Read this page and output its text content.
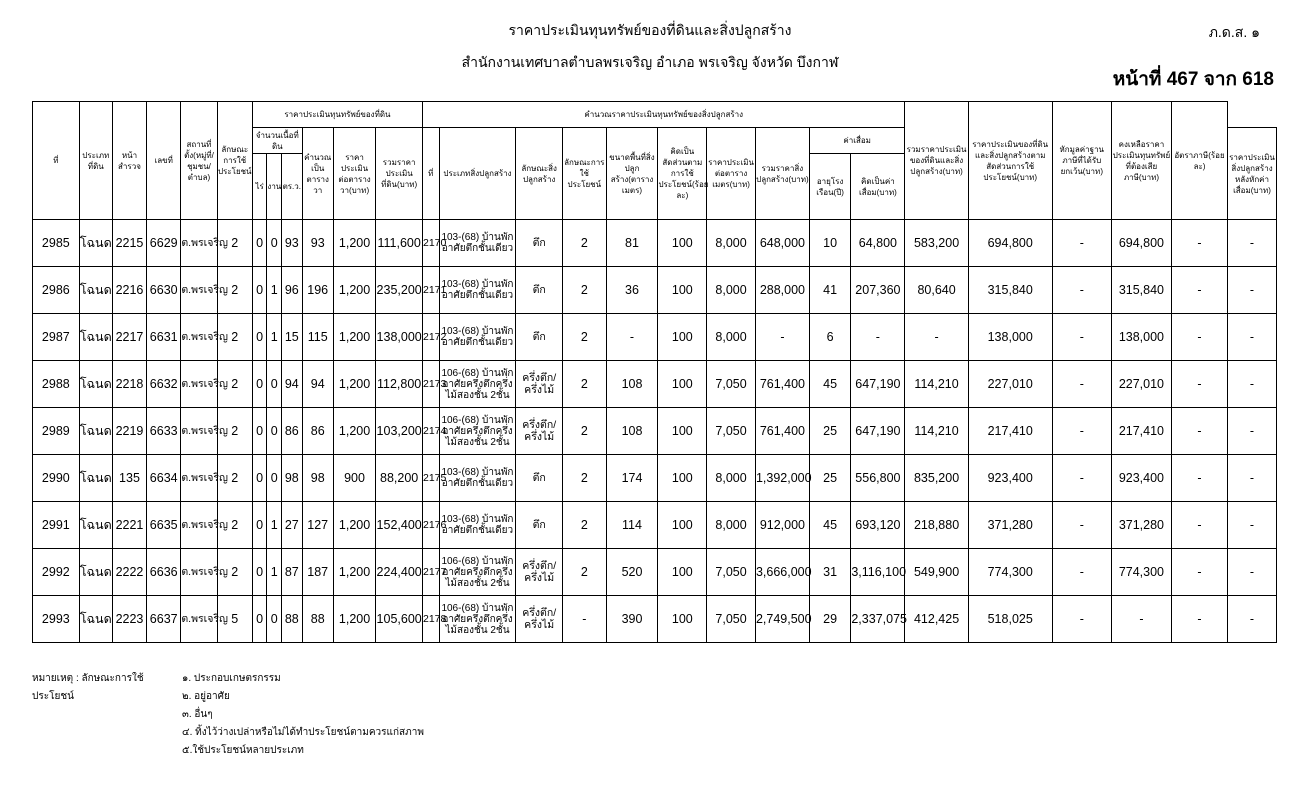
ราคาประเมินทุนทรัพย์ของที่ดินและสิ่งปลูกสร้าง
สำนักงานเทศบาลตำบลพรเจริญ อำเภอ พรเจริญ จังหวัด บึงกาฬ
ภ.ด.ส. ๑
หน้าที่ 467 จาก 618
ที่	ประเภทที่ดิน	หน้าสำรวจ	เลขที่	สถานที่ตั้ง(หมู่ที่/ชุมชน/ตำบล)	ลักษณะการใช้ประโยชน์	ราคาประเมินทุนทรัพย์ของที่ดิน						คำนวณราคาประเมินทุนทรัพย์ของสิ่งปลูกสร้าง										รวมราคาประเมินของที่ดินและสิ่งปลูกสร้าง(บาท)	ราคาประเมินของที่ดินและสิ่งปลูกสร้างตามสัดส่วนการใช้ประโยชน์(บาท)	หักมูลค่าฐานภาษีที่ได้รับยกเว้น(บาท)	คงเหลือราคาประเมินทุนทรัพย์ที่ต้องเสียภาษี(บาท)	อัตราภาษี(ร้อยละ)	
						จำนวนเนื้อที่ดิน			คำนวณเป็นตารางวา	ราคาประเมินต่อตารางวา(บาท)	รวมราคาประเมินที่ดิน(บาท)	ที่	ประเภทสิ่งปลูกสร้าง	ลักษณะสิ่งปลูกสร้าง	ลักษณะการใช้ประโยชน์	ขนาดพื้นที่สิ่งปลูกสร้าง(ตารางเมตร)	คิดเป็นสัดส่วนตามการใช้ประโยชน์(ร้อยละ)	ราคาประเมินต่อตารางเมตร(บาท)	รวมราคาสิ่งปลูกสร้าง(บาท)	ค่าเสื่อม							ราคาประเมินสิ่งปลูกสร้างหลังหักค่าเสื่อม(บาท)
						ไร่	งาน	ตร.ว.												อายุโรงเรือน(ปี)	คิดเป็นค่าเสื่อม(บาท)						
2985	โฉนด	2215	6629	ต.พรเจริญ	2	0	0	93	93	1,200	111,600	2170	103-(68) บ้านพักอาศัยตึกชั้นเดียว	ตึก	2	81	100	8,000	648,000	10	64,800	583,200	694,800	-	694,800	-	-
2986	โฉนด	2216	6630	ต.พรเจริญ	2	0	1	96	196	1,200	235,200	2171	103-(68) บ้านพักอาศัยตึกชั้นเดียว	ตึก	2	36	100	8,000	288,000	41	207,360	80,640	315,840	-	315,840	-	-
2987	โฉนด	2217	6631	ต.พรเจริญ	2	0	1	15	115	1,200	138,000	2172	103-(68) บ้านพักอาศัยตึกชั้นเดียว	ตึก	2	-	100	8,000	-	6	-	-	138,000	-	138,000	-	-
2988	โฉนด	2218	6632	ต.พรเจริญ	2	0	0	94	94	1,200	112,800	2173	106-(68) บ้านพักอาศัยครึ่งตึกครึ่งไม้สองชั้น 2ชั้น	ครึ่งตึก/ครึ่งไม้	2	108	100	7,050	761,400	45	647,190	114,210	227,010	-	227,010	-	-
2989	โฉนด	2219	6633	ต.พรเจริญ	2	0	0	86	86	1,200	103,200	2174	106-(68) บ้านพักอาศัยครึ่งตึกครึ่งไม้สองชั้น 2ชั้น	ครึ่งตึก/ครึ่งไม้	2	108	100	7,050	761,400	25	647,190	114,210	217,410	-	217,410	-	-
2990	โฉนด	135	6634	ต.พรเจริญ	2	0	0	98	98	900	88,200	2175	103-(68) บ้านพักอาศัยตึกชั้นเดียว	ตึก	2	174	100	8,000	1,392,000	25	556,800	835,200	923,400	-	923,400	-	-
2991	โฉนด	2221	6635	ต.พรเจริญ	2	0	1	27	127	1,200	152,400	2176	103-(68) บ้านพักอาศัยตึกชั้นเดียว	ตึก	2	114	100	8,000	912,000	45	693,120	218,880	371,280	-	371,280	-	-
2992	โฉนด	2222	6636	ต.พรเจริญ	2	0	1	87	187	1,200	224,400	2177	106-(68) บ้านพักอาศัยครึ่งตึกครึ่งไม้สองชั้น 2ชั้น	ครึ่งตึก/ครึ่งไม้	2	520	100	7,050	3,666,000	31	3,116,100	549,900	774,300	-	774,300	-	-
2993	โฉนด	2223	6637	ต.พรเจริญ	5	0	0	88	88	1,200	105,600	2178	106-(68) บ้านพักอาศัยครึ่งตึกครึ่งไม้สองชั้น 2ชั้น	ครึ่งตึก/ครึ่งไม้	-	390	100	7,050	2,749,500	29	2,337,075	412,425	518,025	-	-	-	-
หมายเหตุ : ลักษณะการใช้ประโยชน์
๑. ประกอบเกษตรกรรม
๒. อยู่อาศัย
๓. อื่นๆ
๔. ทิ้งไว้ว่างเปล่าหรือไม่ได้ทำประโยชน์ตามควรแก่สภาพ
๕.ใช้ประโยชน์หลายประเภท
